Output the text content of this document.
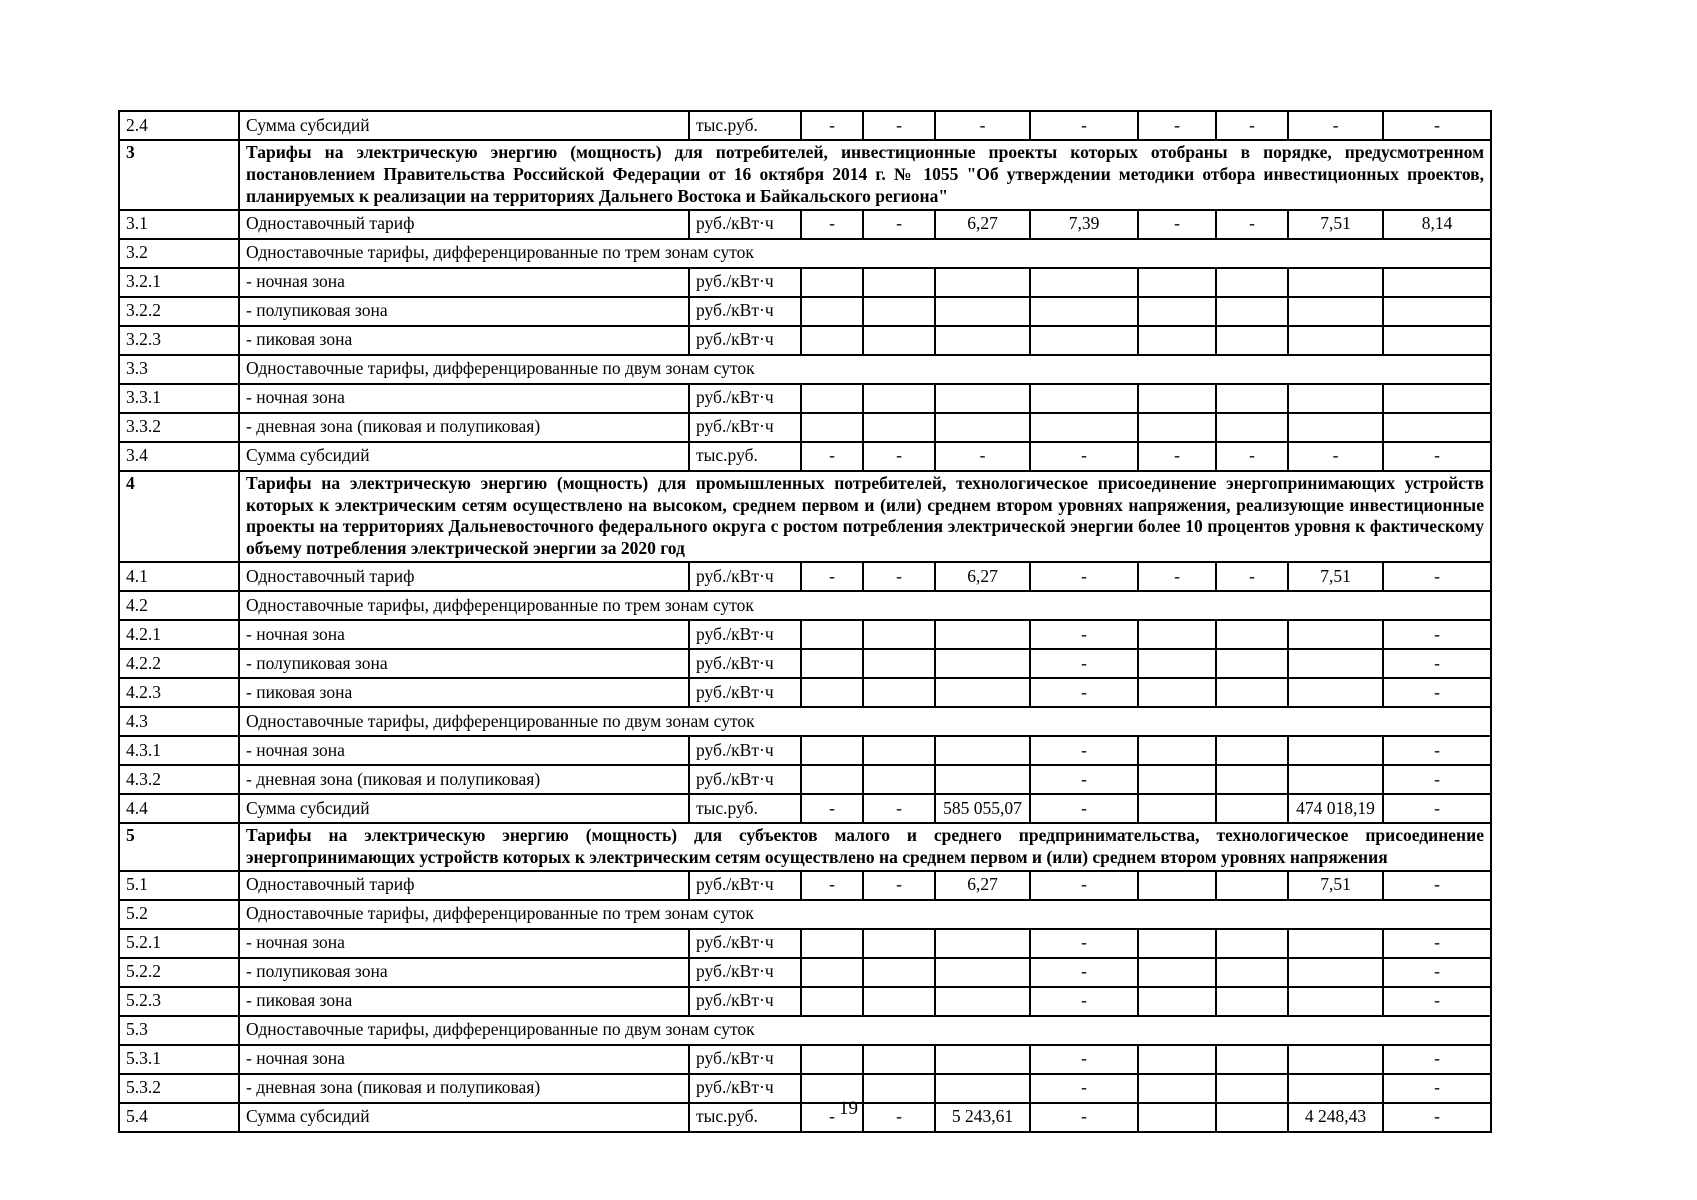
2.4	Сумма субсидий	тыс.руб.	-	-	-	-	-	-	-	-
3	Тарифы на электрическую энергию (мощность) для потребителей, инвестиционные проекты которых отобраны в порядке, предусмотренном постановлением Правительства Российской Федерации от 16 октября 2014 г. № 1055 "Об утверждении методики отбора инвестиционных проектов, планируемых к реализации на территориях Дальнего Востока и Байкальского региона"									
3.1	Одноставочный тариф	руб./кВт·ч	-	-	6,27	7,39	-	-	7,51	8,14
3.2	Одноставочные тарифы, дифференцированные по трем зонам суток									
3.2.1	- ночная зона	руб./кВт·ч								
3.2.2	- полупиковая зона	руб./кВт·ч								
3.2.3	- пиковая зона	руб./кВт·ч								
3.3	Одноставочные тарифы, дифференцированные по двум зонам суток									
3.3.1	- ночная зона	руб./кВт·ч								
3.3.2	- дневная зона (пиковая и полупиковая)	руб./кВт·ч								
3.4	Сумма субсидий	тыс.руб.	-	-	-	-	-	-	-	-
4	Тарифы на электрическую энергию (мощность) для промышленных потребителей, технологическое присоединение энергопринимающих устройств которых к электрическим сетям осуществлено на высоком, среднем первом и (или) среднем втором уровнях напряжения, реализующие инвестиционные проекты на территориях Дальневосточного федерального округа с ростом потребления электрической энергии более 10 процентов уровня к фактическому объему потребления электрической энергии за 2020 год									
4.1	Одноставочный тариф	руб./кВт·ч	-	-	6,27	-	-	-	7,51	-
4.2	Одноставочные тарифы, дифференцированные по трем зонам суток									
4.2.1	- ночная зона	руб./кВт·ч				-				-
4.2.2	- полупиковая зона	руб./кВт·ч				-				-
4.2.3	- пиковая зона	руб./кВт·ч				-				-
4.3	Одноставочные тарифы, дифференцированные по двум зонам суток									
4.3.1	- ночная зона	руб./кВт·ч				-				-
4.3.2	- дневная зона (пиковая и полупиковая)	руб./кВт·ч				-				-
4.4	Сумма субсидий	тыс.руб.	-	-	585 055,07	-			474 018,19	-
5	Тарифы на электрическую энергию (мощность) для субъектов малого и среднего предпринимательства, технологическое присоединение энергопринимающих устройств которых к электрическим сетям осуществлено на среднем первом и (или) среднем втором уровнях напряжения									
5.1	Одноставочный тариф	руб./кВт·ч	-	-	6,27	-			7,51	-
5.2	Одноставочные тарифы, дифференцированные по трем зонам суток									
5.2.1	- ночная зона	руб./кВт·ч				-				-
5.2.2	- полупиковая зона	руб./кВт·ч				-				-
5.2.3	- пиковая зона	руб./кВт·ч				-				-
5.3	Одноставочные тарифы, дифференцированные по двум зонам суток									
5.3.1	- ночная зона	руб./кВт·ч				-				-
5.3.2	- дневная зона (пиковая и полупиковая)	руб./кВт·ч				-				-
5.4	Сумма субсидий	тыс.руб.	-	-	5 243,61	-			4 248,43	-
19
